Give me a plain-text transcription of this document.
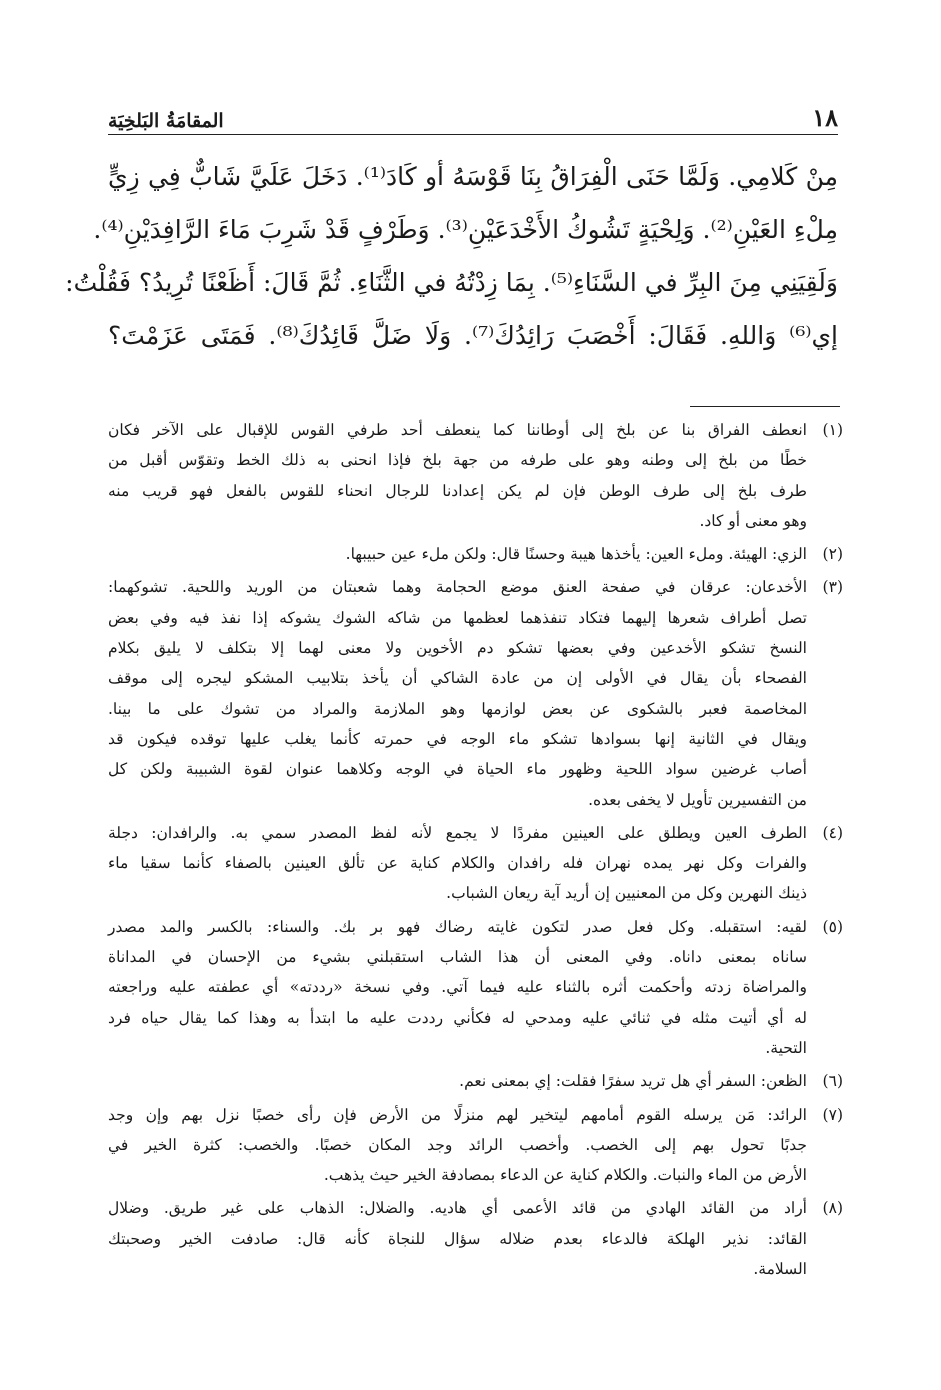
١٨
المقامَةُ البَلخِيَة
مِنْ كَلامِي. وَلَمَّا حَنَى الْفِرَاقُ بِنَا قَوْسَهُ أو كَادَ⁽¹⁾. دَخَلَ عَلَيَّ شَابٌّ فِي زِيٍّ
مِلْءِ العَيْنِ⁽²⁾. وَلِحْيَةٍ تَشُوكُ الأَخْدَعَيْنِ⁽³⁾. وَطَرْفٍ قَدْ شَرِبَ مَاءَ الرَّافِدَيْنِ⁽⁴⁾.
وَلَقِيَنِي مِنَ البِرِّ في السَّنَاءِ⁽⁵⁾. بِمَا زِدْتُهُ في الثَّنَاءِ. ثُمَّ قَالَ: أَظَعْنًا تُرِيدُ؟ فَقُلْتُ:
إي⁽⁶⁾ وَاللهِ. فَقَالَ: أَخْصَبَ رَائِدُكَ⁽⁷⁾. وَلَا ضَلَّ قَائِدُكَ⁽⁸⁾. فَمَتَى عَزَمْتَ؟
(١)
انعطف الفراق بنا عن بلخ إلى أوطاننا كما ينعطف أحد طرفي القوس للإقبال على الآخر فكان
خطًا من بلخ إلى وطنه وهو على طرفه من جهة بلخ فإذا انحنى به ذلك الخط وتقوّس أقبل من
طرف بلخ إلى طرف الوطن فإن لم يكن إعدادنا للرجال انحناء للقوس بالفعل فهو قريب منه
وهو معنى أو كاد.
(٢)
الزي: الهيئة. وملء العين: يأخذها هيبة وحسنًا قال: ولكن ملء عين حبيبها.
(٣)
الأخدعان: عرقان في صفحة العنق موضع الحجامة وهما شعبتان من الوريد واللحية. تشوكهما:
تصل أطراف شعرها إليهما فتكاد تنفذهما لعظمها من شاكه الشوك يشوكه إذا نفذ فيه وفي بعض
النسخ تشكو الأخدعين وفي بعضها تشكو دم الأخوين ولا معنى لهما إلا بتكلف لا يليق بكلام
الفصحاء بأن يقال في الأولى إن من عادة الشاكي أن يأخذ بتلابيب المشكو ليجره إلى موقف
المخاصمة فعبر بالشكوى عن بعض لوازمها وهو الملازمة والمراد من تشوك على ما بينا.
ويقال في الثانية إنها بسوادها تشكو ماء الوجه في حمرته كأنما يغلب عليها توقده فيكون قد
أصاب غرضين سواد اللحية وظهور ماء الحياة في الوجه وكلاهما عنوان لقوة الشبيبة ولكن كل
من التفسيرين تأويل لا يخفى بعده.
(٤)
الطرف العين ويطلق على العينين مفردًا لا يجمع لأنه لفظ المصدر سمي به. والرافدان: دجلة
والفرات وكل نهر يمده نهران فله رافدان والكلام كناية عن تألق العينين بالصفاء كأنما سقيا ماء
ذينك النهرين وكل من المعنيين إن أريد آية ريعان الشباب.
(٥)
لقيه: استقبله. وكل فعل صدر لتكون غايته رضاك فهو بر بك. والسناء: بالكسر والمد مصدر
ساناه بمعنى داناه. وفي المعنى أن هذا الشاب استقبلني بشيء من الإحسان في المداناة
والمراضاة زدته وأحكمت أثره بالثناء عليه فيما آتي. وفي نسخة «رددته» أي عطفته عليه وراجعته
له أي أتيت مثله في ثنائي عليه ومدحي له فكأني رددت عليه ما ابتدأ به وهذا كما يقال حياه فرد
التحية.
(٦)
الظعن: السفر أي هل تريد سفرًا فقلت: إي بمعنى نعم.
(٧)
الرائد: مَن يرسله القوم أمامهم ليتخير لهم منزلًا من الأرض فإن رأى خصبًا نزل بهم وإن وجد
جدبًا تحول بهم إلى الخصب. وأخصب الرائد وجد المكان خصبًا. والخصب: كثرة الخير في
الأرض من الماء والنبات. والكلام كناية عن الدعاء بمصادفة الخير حيث يذهب.
(٨)
أراد من القائد الهادي من قائد الأعمى أي هاديه. والضلال: الذهاب على غير طريق. وضلال
القائد: نذير الهلكة فالدعاء بعدم ضلاله سؤال للنجاة كأنه قال: صادفت الخير وصحبتك
السلامة.
